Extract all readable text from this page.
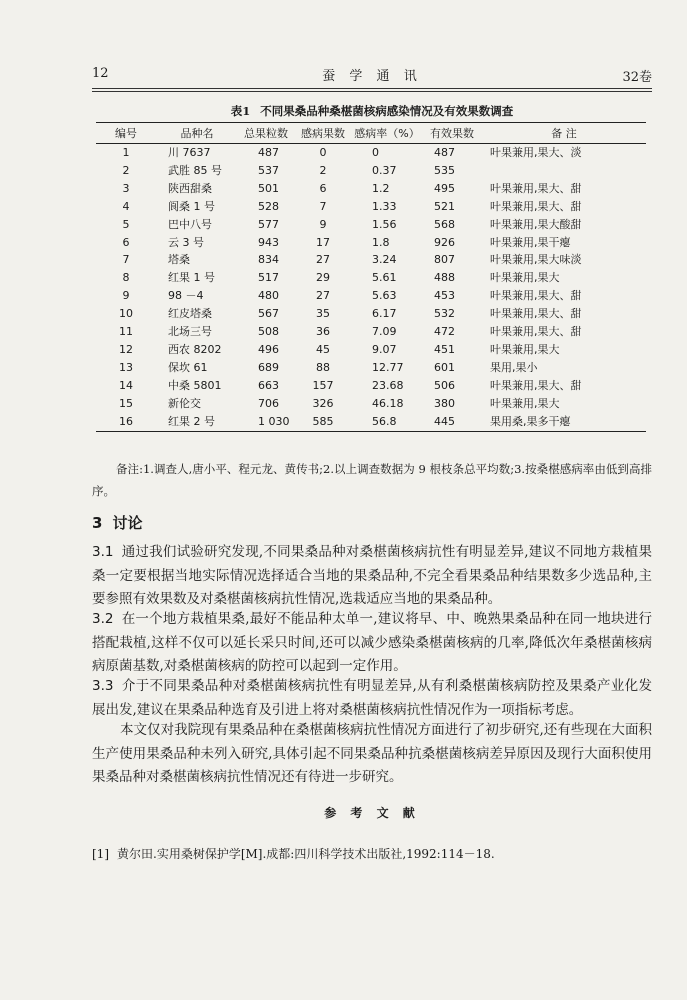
12	蚕 学 通 讯	32卷
表1 不同果桑品种桑椹菌核病感染情况及有效果数调查
编号	品种名	总果粒数	感病果数	感病率（%）	有效果数	备 注
1	川 7637	487	0	0	487	叶果兼用,果大、淡
2	武胜 85 号	537	2	0.37	535	
3	陕西甜桑	501	6	1.2	495	叶果兼用,果大、甜
4	阆桑 1 号	528	7	1.33	521	叶果兼用,果大、甜
5	巴中八号	577	9	1.56	568	叶果兼用,果大酸甜
6	云 3 号	943	17	1.8	926	叶果兼用,果干瘪
7	塔桑	834	27	3.24	807	叶果兼用,果大味淡
8	红果 1 号	517	29	5.61	488	叶果兼用,果大
9	98 －4	480	27	5.63	453	叶果兼用,果大、甜
10	红皮塔桑	567	35	6.17	532	叶果兼用,果大、甜
11	北场三号	508	36	7.09	472	叶果兼用,果大、甜
12	西农 8202	496	45	9.07	451	叶果兼用,果大
13	保坎 61	689	88	12.77	601	果用,果小
14	中桑 5801	663	157	23.68	506	叶果兼用,果大、甜
15	新伦交	706	326	46.18	380	叶果兼用,果大
16	红果 2 号	1 030	585	56.8	445	果用桑,果多干瘪
备注:1.调查人,唐小平、程元龙、黄传书;2.以上调查数据为 9 根枝条总平均数;3.按桑椹感病率由低到高排序。
3 讨论
3.1 通过我们试验研究发现,不同果桑品种对桑椹菌核病抗性有明显差异,建议不同地方栽植果桑一定要根据当地实际情况选择适合当地的果桑品种,不完全看果桑品种结果数多少选品种,主要参照有效果数及对桑椹菌核病抗性情况,选栽适应当地的果桑品种。
3.2 在一个地方栽植果桑,最好不能品种太单一,建议将早、中、晚熟果桑品种在同一地块进行搭配栽植,这样不仅可以延长采只时间,还可以减少感染桑椹菌核病的几率,降低次年桑椹菌核病病原菌基数,对桑椹菌核病的防控可以起到一定作用。
3.3 介于不同果桑品种对桑椹菌核病抗性有明显差异,从有利桑椹菌核病防控及果桑产业化发展出发,建议在果桑品种选育及引进上将对桑椹菌核病抗性情况作为一项指标考虑。
本文仅对我院现有果桑品种在桑椹菌核病抗性情况方面进行了初步研究,还有些现在大面积生产使用果桑品种未列入研究,具体引起不同果桑品种抗桑椹菌核病差异原因及现行大面积使用果桑品种对桑椹菌核病抗性情况还有待进一步研究。
参 考 文 献
[1] 黄尔田.实用桑树保护学[M].成都:四川科学技术出版社,1992:114－18.
